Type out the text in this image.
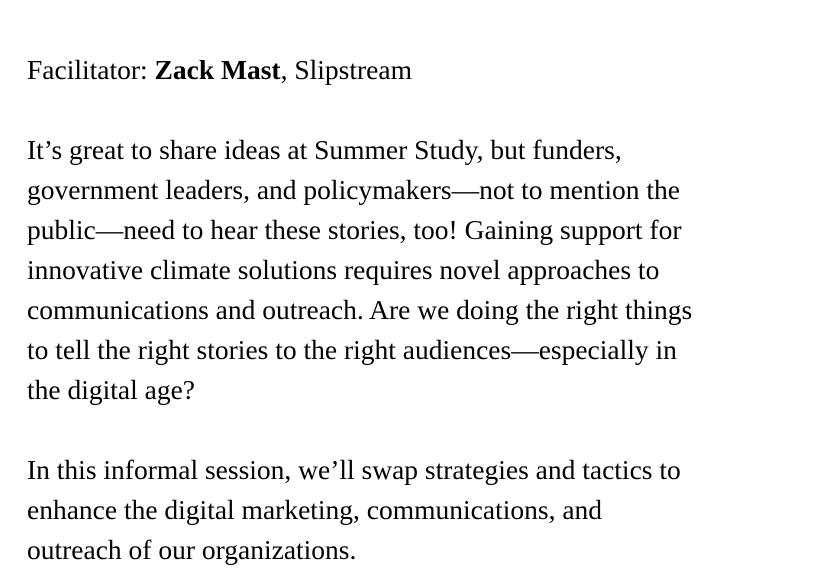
Facilitator: Zack Mast, Slipstream

It’s great to share ideas at Summer Study, but funders,
government leaders, and policymakers—not to mention the
public—need to hear these stories, too! Gaining support for
innovative climate solutions requires novel approaches to
communications and outreach. Are we doing the right things
to tell the right stories to the right audiences—especially in
the digital age?

In this informal session, we’ll swap strategies and tactics to
enhance the digital marketing, communications, and
outreach of our organizations.
